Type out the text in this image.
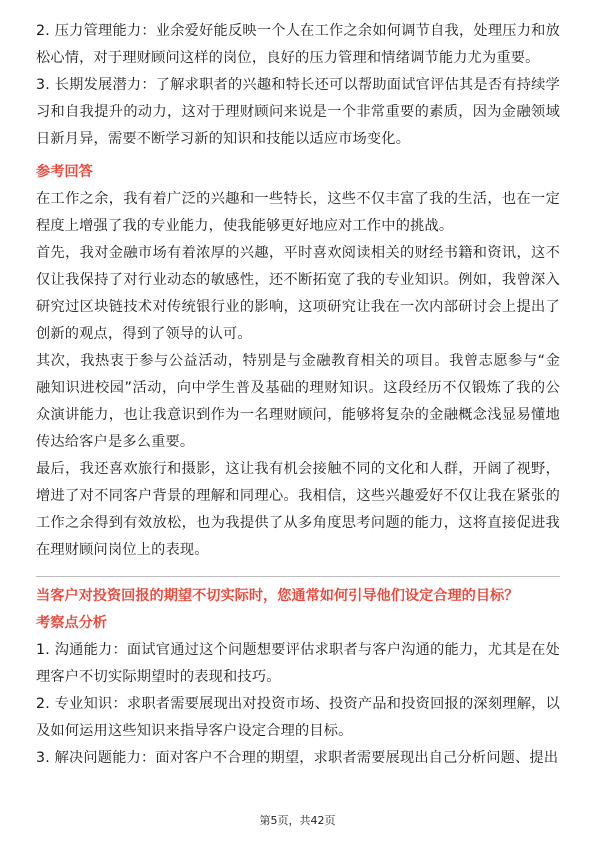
2. 压力管理能力：业余爱好能反映一个人在工作之余如何调节自我，处理压力和放松心情，对于理财顾问这样的岗位，良好的压力管理和情绪调节能力尤为重要。

3. 长期发展潜力：了解求职者的兴趣和特长还可以帮助面试官评估其是否有持续学习和自我提升的动力，这对于理财顾问来说是一个非常重要的素质，因为金融领域日新月异，需要不断学习新的知识和技能以适应市场变化。

参考回答

在工作之余，我有着广泛的兴趣和一些特长，这些不仅丰富了我的生活，也在一定程度上增强了我的专业能力，使我能够更好地应对工作中的挑战。

首先，我对金融市场有着浓厚的兴趣，平时喜欢阅读相关的财经书籍和资讯，这不仅让我保持了对行业动态的敏感性，还不断拓宽了我的专业知识。例如，我曾深入研究过区块链技术对传统银行业的影响，这项研究让我在一次内部研讨会上提出了创新的观点，得到了领导的认可。

其次，我热衷于参与公益活动，特别是与金融教育相关的项目。我曾志愿参与“金融知识进校园”活动，向中学生普及基础的理财知识。这段经历不仅锻炼了我的公众演讲能力，也让我意识到作为一名理财顾问，能够将复杂的金融概念浅显易懂地传达给客户是多么重要。

最后，我还喜欢旅行和摄影，这让我有机会接触不同的文化和人群，开阔了视野，增进了对不同客户背景的理解和同理心。我相信，这些兴趣爱好不仅让我在紧张的工作之余得到有效放松，也为我提供了从多角度思考问题的能力，这将直接促进我在理财顾问岗位上的表现。

当客户对投资回报的期望不切实际时，您通常如何引导他们设定合理的目标？
考察点分析

1. 沟通能力：面试官通过这个问题想要评估求职者与客户沟通的能力，尤其是在处理客户不切实际期望时的表现和技巧。

2. 专业知识：求职者需要展现出对投资市场、投资产品和投资回报的深刻理解，以及如何运用这些知识来指导客户设定合理的目标。

3. 解决问题能力：面对客户不合理的期望，求职者需要展现出自己分析问题、提出

第5页，共42页
